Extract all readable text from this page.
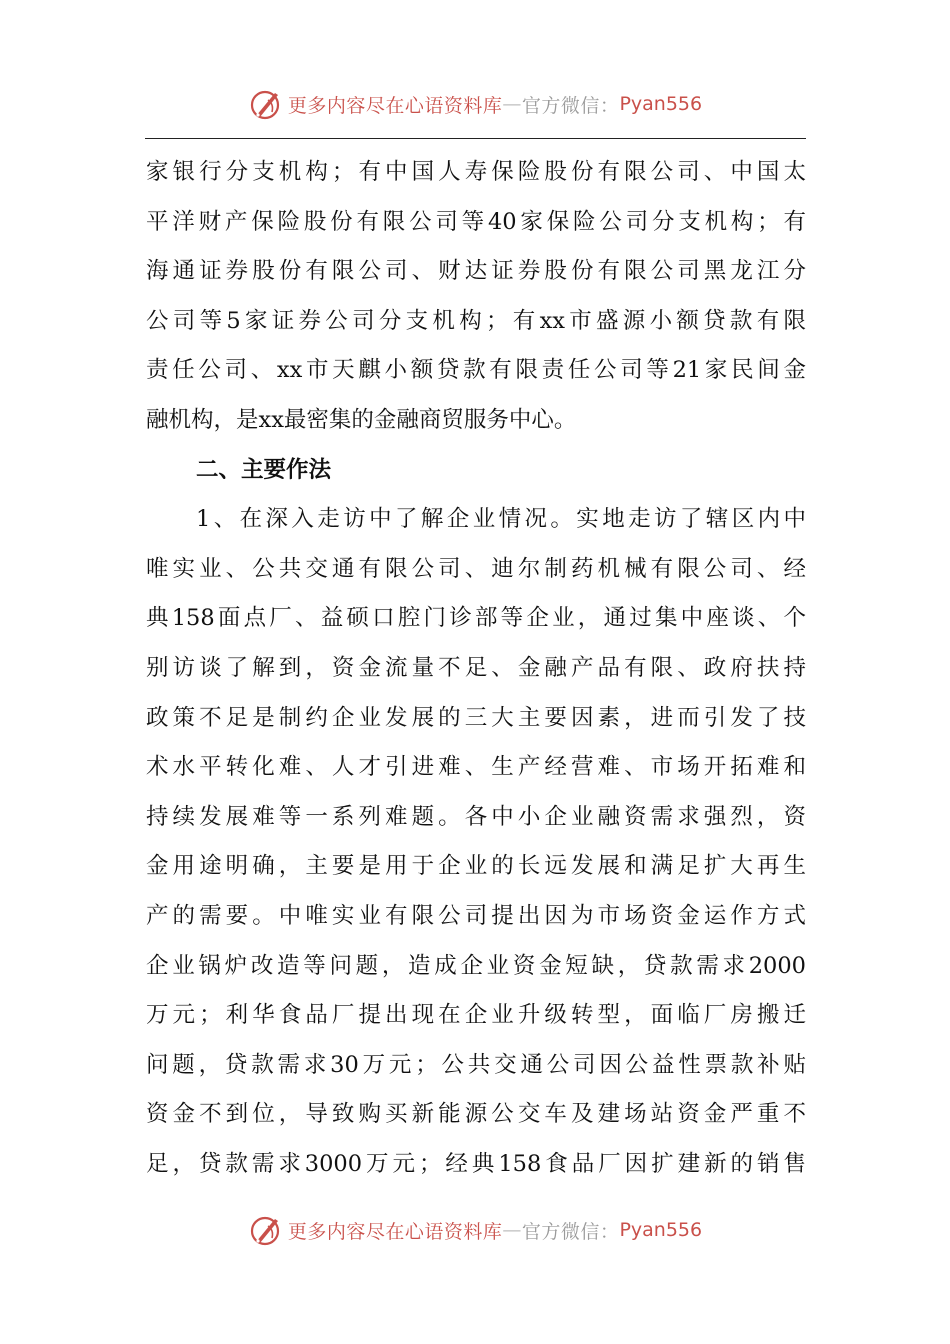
更多内容尽在心语资料库 — 官方微信： Pyan556
家银行分支机构；有中国人寿保险股份有限公司、中国太
平洋财产保险股份有限公司等40家保险公司分支机构；有
海通证券股份有限公司、财达证券股份有限公司黑龙江分
公司等5家证券公司分支机构；有xx市盛源小额贷款有限
责任公司、xx市天麒小额贷款有限责任公司等21家民间金
融机构，是xx最密集的金融商贸服务中心。
二、主要作法
1、在深入走访中了解企业情况。实地走访了辖区内中
唯实业、公共交通有限公司、迪尔制药机械有限公司、经
典158面点厂、益硕口腔门诊部等企业，通过集中座谈、个
别访谈了解到，资金流量不足、金融产品有限、政府扶持
政策不足是制约企业发展的三大主要因素，进而引发了技
术水平转化难、人才引进难、生产经营难、市场开拓难和
持续发展难等一系列难题。各中小企业融资需求强烈，资
金用途明确，主要是用于企业的长远发展和满足扩大再生
产的需要。中唯实业有限公司提出因为市场资金运作方式
企业锅炉改造等问题，造成企业资金短缺，贷款需求2000
万元；利华食品厂提出现在企业升级转型，面临厂房搬迁
问题，贷款需求30万元；公共交通公司因公益性票款补贴
资金不到位，导致购买新能源公交车及建场站资金严重不
足，贷款需求3000万元；经典158食品厂因扩建新的销售
更多内容尽在心语资料库 — 官方微信： Pyan556
